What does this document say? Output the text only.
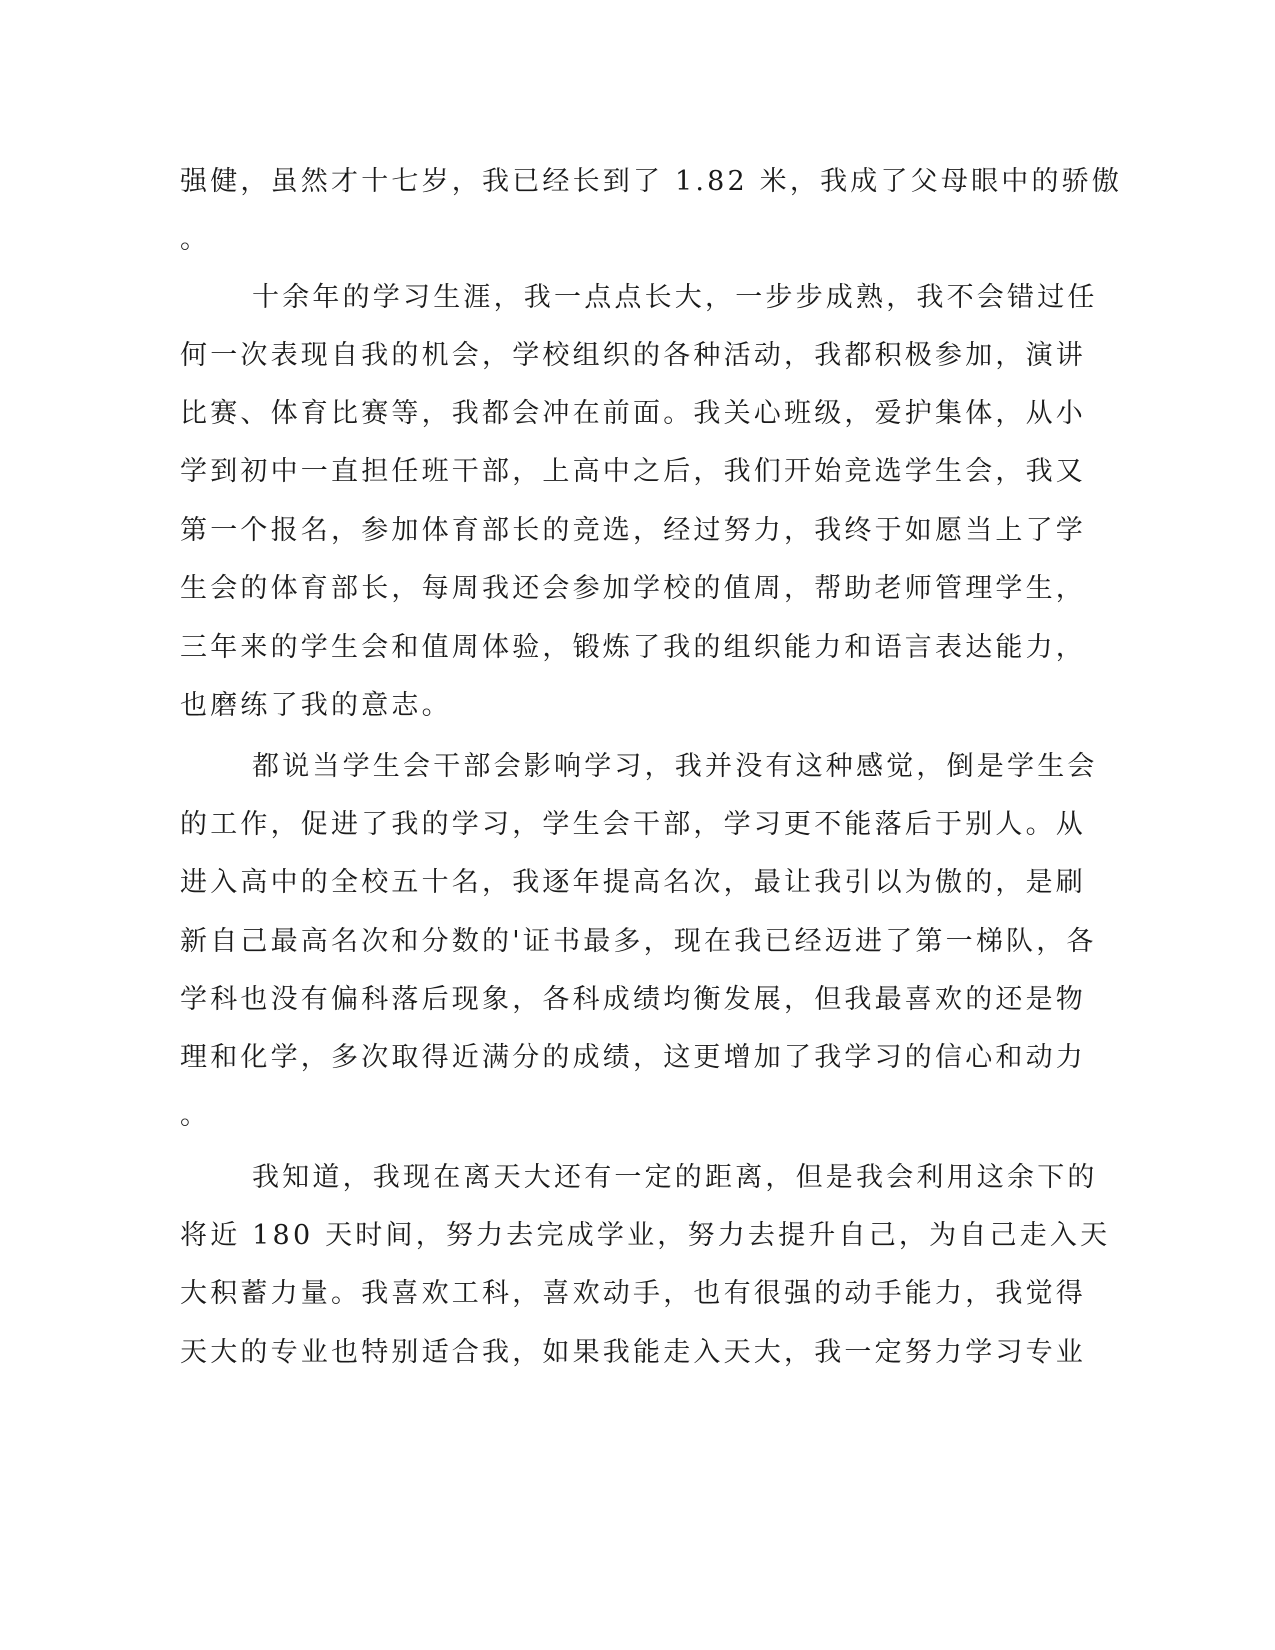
强健，虽然才十七岁，我已经长到了 1.82 米，我成了父母眼中的骄傲
。
十余年的学习生涯，我一点点长大，一步步成熟，我不会错过任
何一次表现自我的机会，学校组织的各种活动，我都积极参加，演讲
比赛、体育比赛等，我都会冲在前面。我关心班级，爱护集体，从小
学到初中一直担任班干部，上高中之后，我们开始竞选学生会，我又
第一个报名，参加体育部长的竞选，经过努力，我终于如愿当上了学
生会的体育部长，每周我还会参加学校的值周，帮助老师管理学生，
三年来的学生会和值周体验，锻炼了我的组织能力和语言表达能力，
也磨练了我的意志。
都说当学生会干部会影响学习，我并没有这种感觉，倒是学生会
的工作，促进了我的学习，学生会干部，学习更不能落后于别人。从
进入高中的全校五十名，我逐年提高名次，最让我引以为傲的，是刷
新自己最高名次和分数的'证书最多，现在我已经迈进了第一梯队，各
学科也没有偏科落后现象，各科成绩均衡发展，但我最喜欢的还是物
理和化学，多次取得近满分的成绩，这更增加了我学习的信心和动力
。
我知道，我现在离天大还有一定的距离，但是我会利用这余下的
将近 180 天时间，努力去完成学业，努力去提升自己，为自己走入天
大积蓄力量。我喜欢工科，喜欢动手，也有很强的动手能力，我觉得
天大的专业也特别适合我，如果我能走入天大，我一定努力学习专业
